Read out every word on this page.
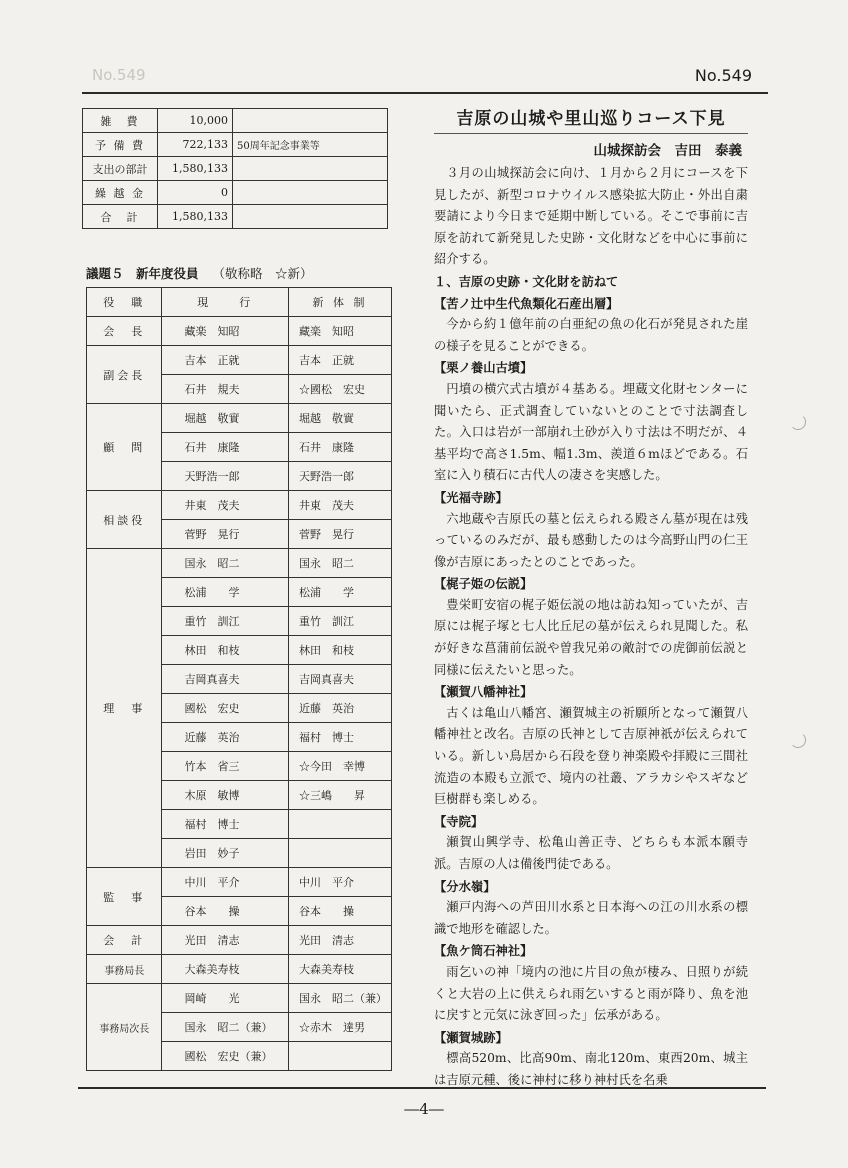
No.549	No.549
雑　費	10,000	
予 備 費	722,133	50周年記念事業等
支出の部計	1,580,133	
繰 越 金	0	
合　計	1,580,133	
議題５　新年度役員 （敬称略　☆新）
役　職	現　　行	新 体 制
会　長	藏楽　知昭	藏楽　知昭
副会長	吉本　正就	吉本　正就
	石井　規夫	☆國松　宏史
顧　問	堀越　敬實	堀越　敬實
	石井　康隆	石井　康隆
	天野浩一郎	天野浩一郎
相談役	井東　茂夫	井東　茂夫
	菅野　晃行	菅野　晃行
理　事	国永　昭二	国永　昭二
	松浦　　学	松浦　　学
	重竹　訓江	重竹　訓江
	林田　和枝	林田　和枝
	吉岡真喜夫	吉岡真喜夫
	國松　宏史	近藤　英治
	近藤　英治	福村　博士
	竹本　省三	☆今田　幸博
	木原　敏博	☆三嶋　　昇
	福村　博士	
	岩田　妙子	
監　事	中川　平介	中川　平介
	谷本　　操	谷本　　操
会　計	光田　清志	光田　清志
事務局長	大森美寿枝	大森美寿枝
事務局次長	岡崎　　光	国永　昭二（兼）
	国永　昭二（兼）	☆赤木　達男
	國松　宏史（兼）	
吉原の山城や里山巡りコース下見
山城探訪会　吉田　泰義

３月の山城探訪会に向け、１月から２月にコースを下見したが、新型コロナウイルス感染拡大防止・外出自粛要請により今日まで延期中断している。そこで事前に吉原を訪れて新発見した史跡・文化財などを中心に事前に紹介する。

１、吉原の史跡・文化財を訪ねて

【苦ノ辻中生代魚類化石産出層】

今から約１億年前の白亜紀の魚の化石が発見された崖の様子を見ることができる。

【栗ノ養山古墳】

円墳の横穴式古墳が４基ある。埋蔵文化財センターに聞いたら、正式調査していないとのことで寸法調査した。入口は岩が一部崩れ土砂が入り寸法は不明だが、４基平均で高さ1.5m、幅1.3m、羨道６mほどである。石室に入り積石に古代人の凄さを実感した。

【光福寺跡】

六地蔵や吉原氏の墓と伝えられる殿さん墓が現在は残っているのみだが、最も感動したのは今高野山門の仁王像が吉原にあったとのことであった。

【梶子姫の伝説】

豊栄町安宿の梶子姫伝説の地は訪ね知っていたが、吉原には梶子塚と七人比丘尼の墓が伝えられ見聞した。私が好きな菖蒲前伝説や曽我兄弟の敵討での虎御前伝説と同様に伝えたいと思った。

【瀬賀八幡神社】

古くは亀山八幡宮、瀬賀城主の祈願所となって瀬賀八幡神社と改名。吉原の氏神として吉原神祇が伝えられている。新しい鳥居から石段を登り神楽殿や拝殿に三間社流造の本殿も立派で、境内の社叢、アラカシやスギなど巨樹群も楽しめる。

【寺院】

瀬賀山興学寺、松亀山善正寺、どちらも本派本願寺派。吉原の人は備後門徒である。

【分水嶺】

瀬戸内海への芦田川水系と日本海への江の川水系の標識で地形を確認した。

【魚ケ筒石神社】

雨乞いの神「境内の池に片目の魚が棲み、日照りが続くと大岩の上に供えられ雨乞いすると雨が降り、魚を池に戻すと元気に泳ぎ回った」伝承がある。

【瀬賀城跡】

標高520m、比高90m、南北120m、東西20m、城主は吉原元種、後に神村に移り神村氏を名乗

―4―
